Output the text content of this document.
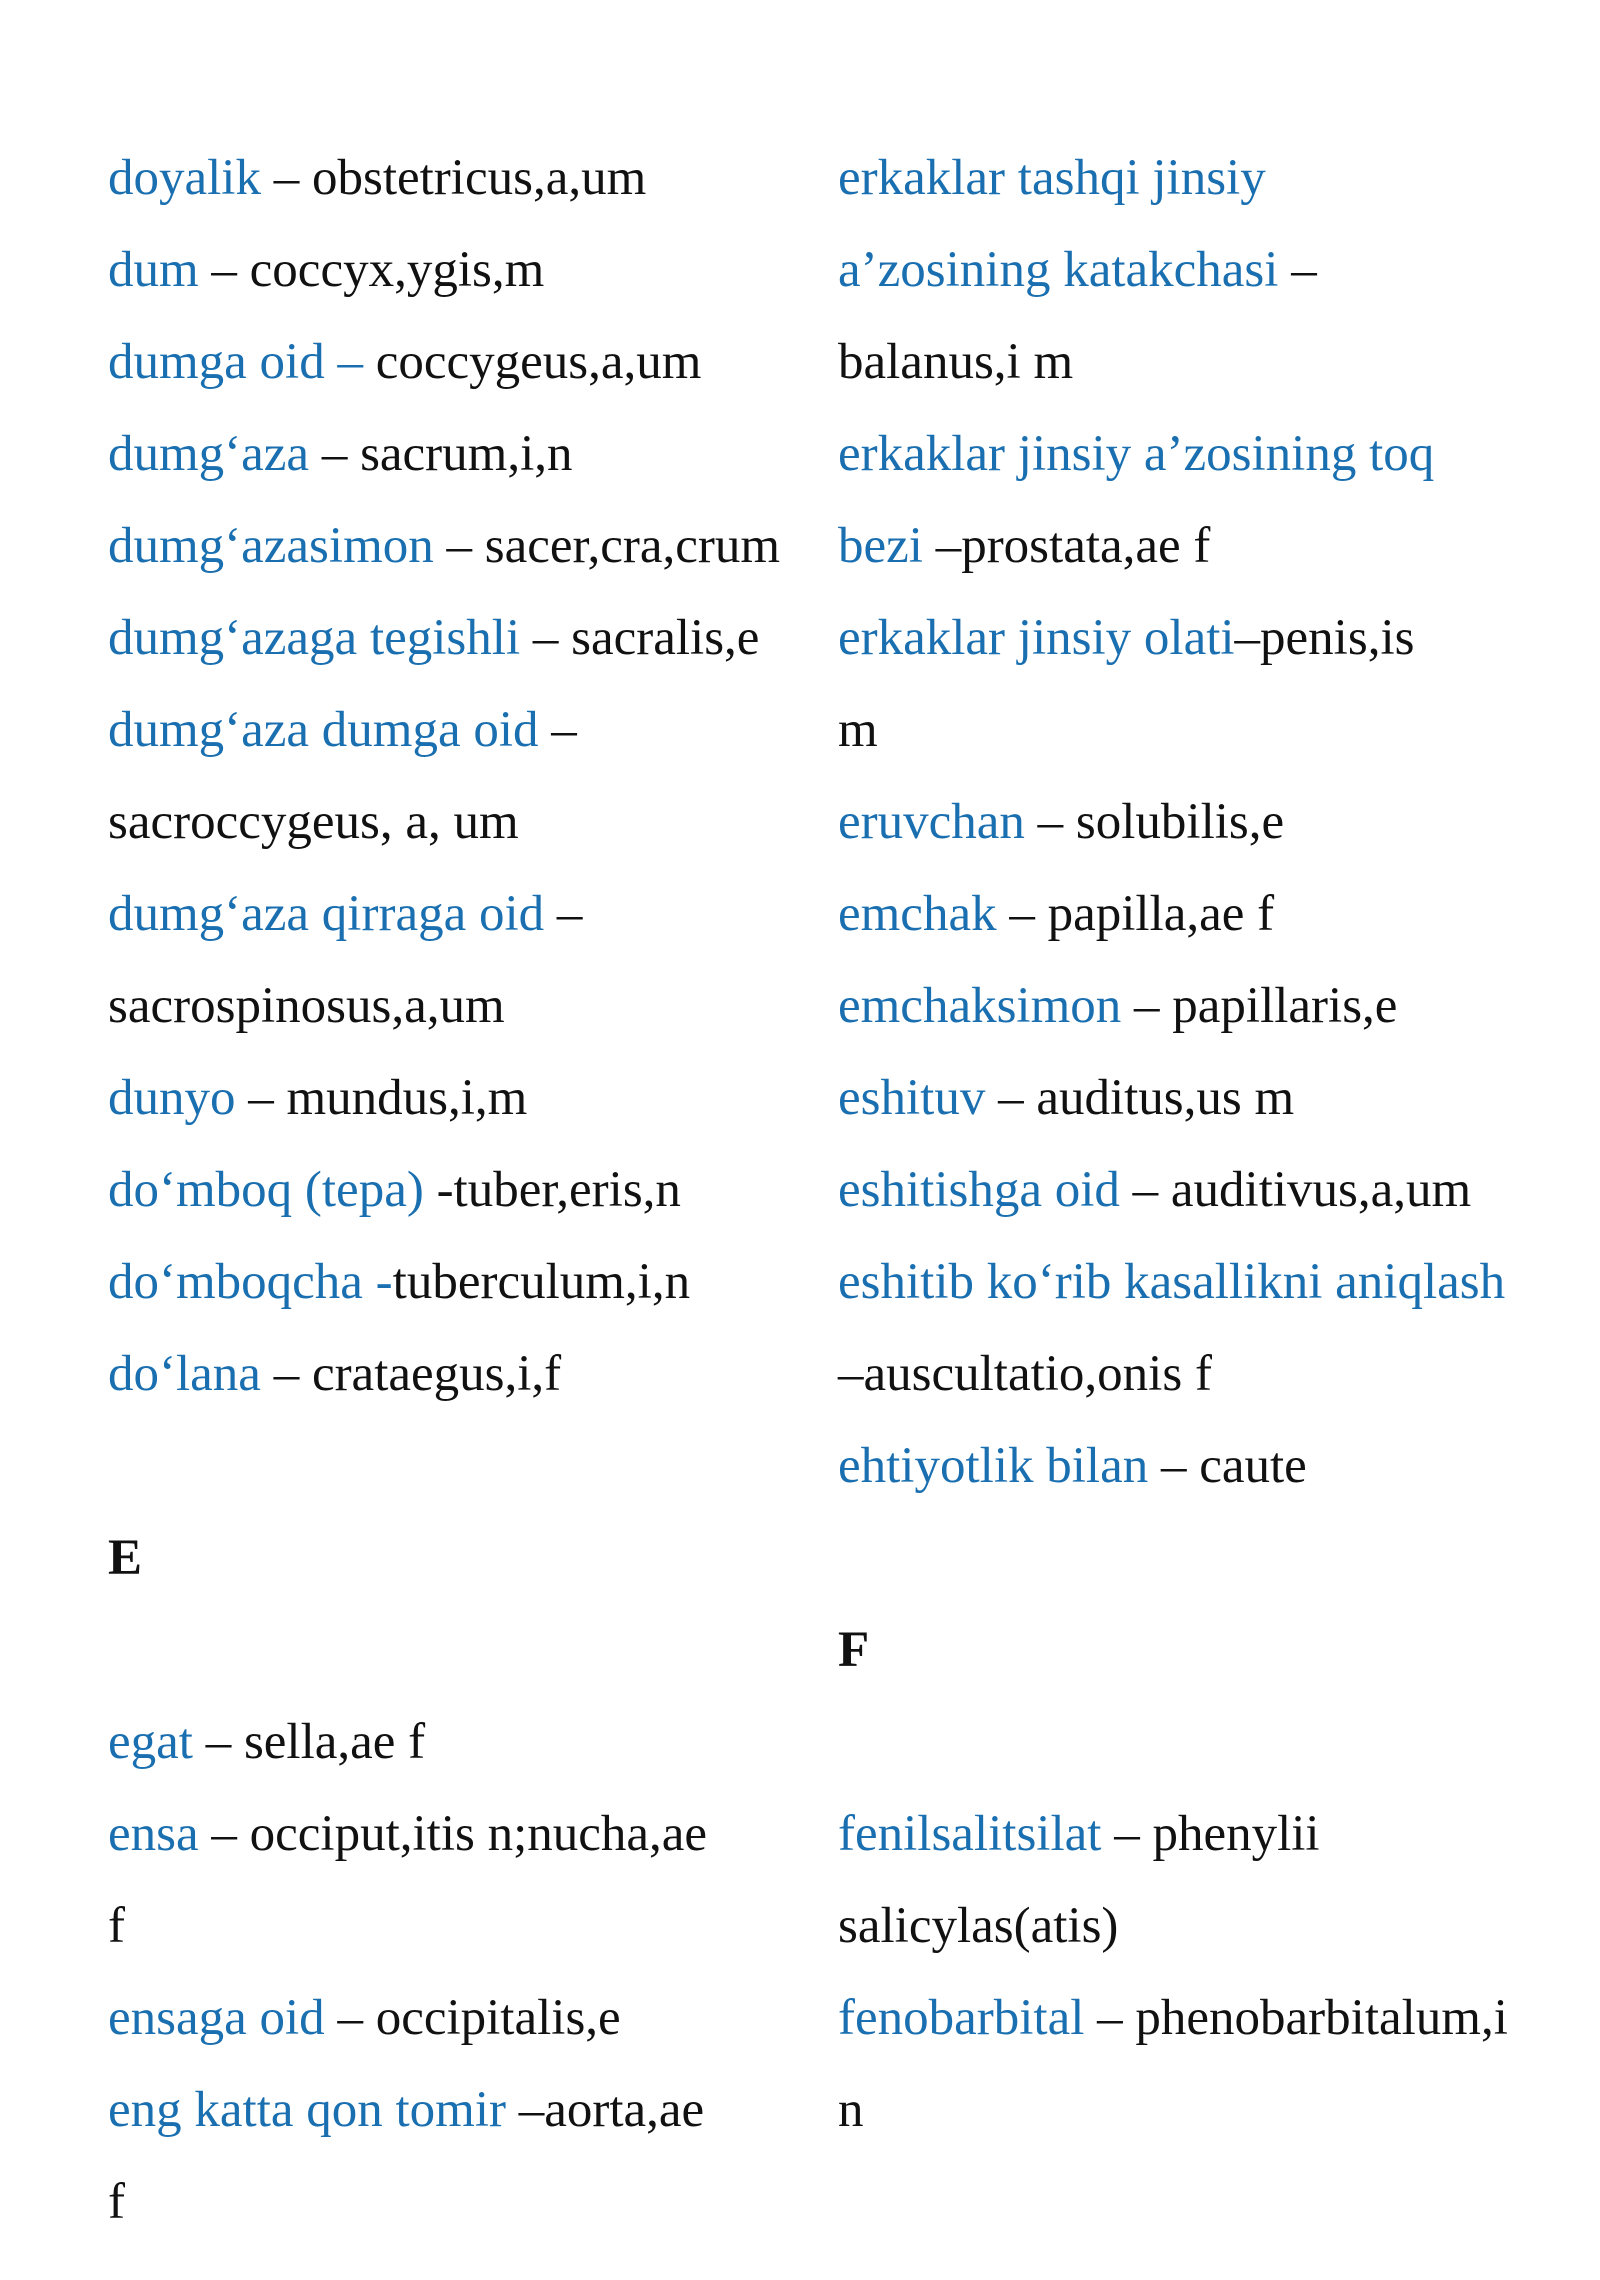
doyalik – obstetricus,a,um
dum – coccyx,ygis,m
dumga oid – coccygeus,a,um
dumg‘aza – sacrum,i,n
dumg‘azasimon – sacer,cra,crum
dumg‘azaga tegishli – sacralis,e
dumg‘aza dumga oid –
sacroccygeus, a, um
dumg‘aza qirraga oid –
sacrospinosus,a,um
dunyo – mundus,i,m
do‘mboq (tepa) -tuber,eris,n
do‘mboqcha -tuberculum,i,n
do‘lana – crataegus,i,f
E
egat – sella,ae f
ensa – occiput,itis n;nucha,ae
f
ensaga oid – occipitalis,e
eng katta qon tomir –aorta,ae
f
erkaklar tashqi jinsiy
a’zosining katakchasi –
balanus,i m
erkaklar jinsiy a’zosining toq
bezi –prostata,ae f
erkaklar jinsiy olati–penis,is
m
eruvchan – solubilis,e
emchak – papilla,ae f
emchaksimon – papillaris,e
eshituv – auditus,us m
eshitishga oid – auditivus,a,um
eshitib ko‘rib kasallikni aniqlash
–auscultatio,onis f
ehtiyotlik bilan – caute
F
fenilsalitsilat – phenylii
salicylas(atis)
fenobarbital – phenobarbitalum,i
n
